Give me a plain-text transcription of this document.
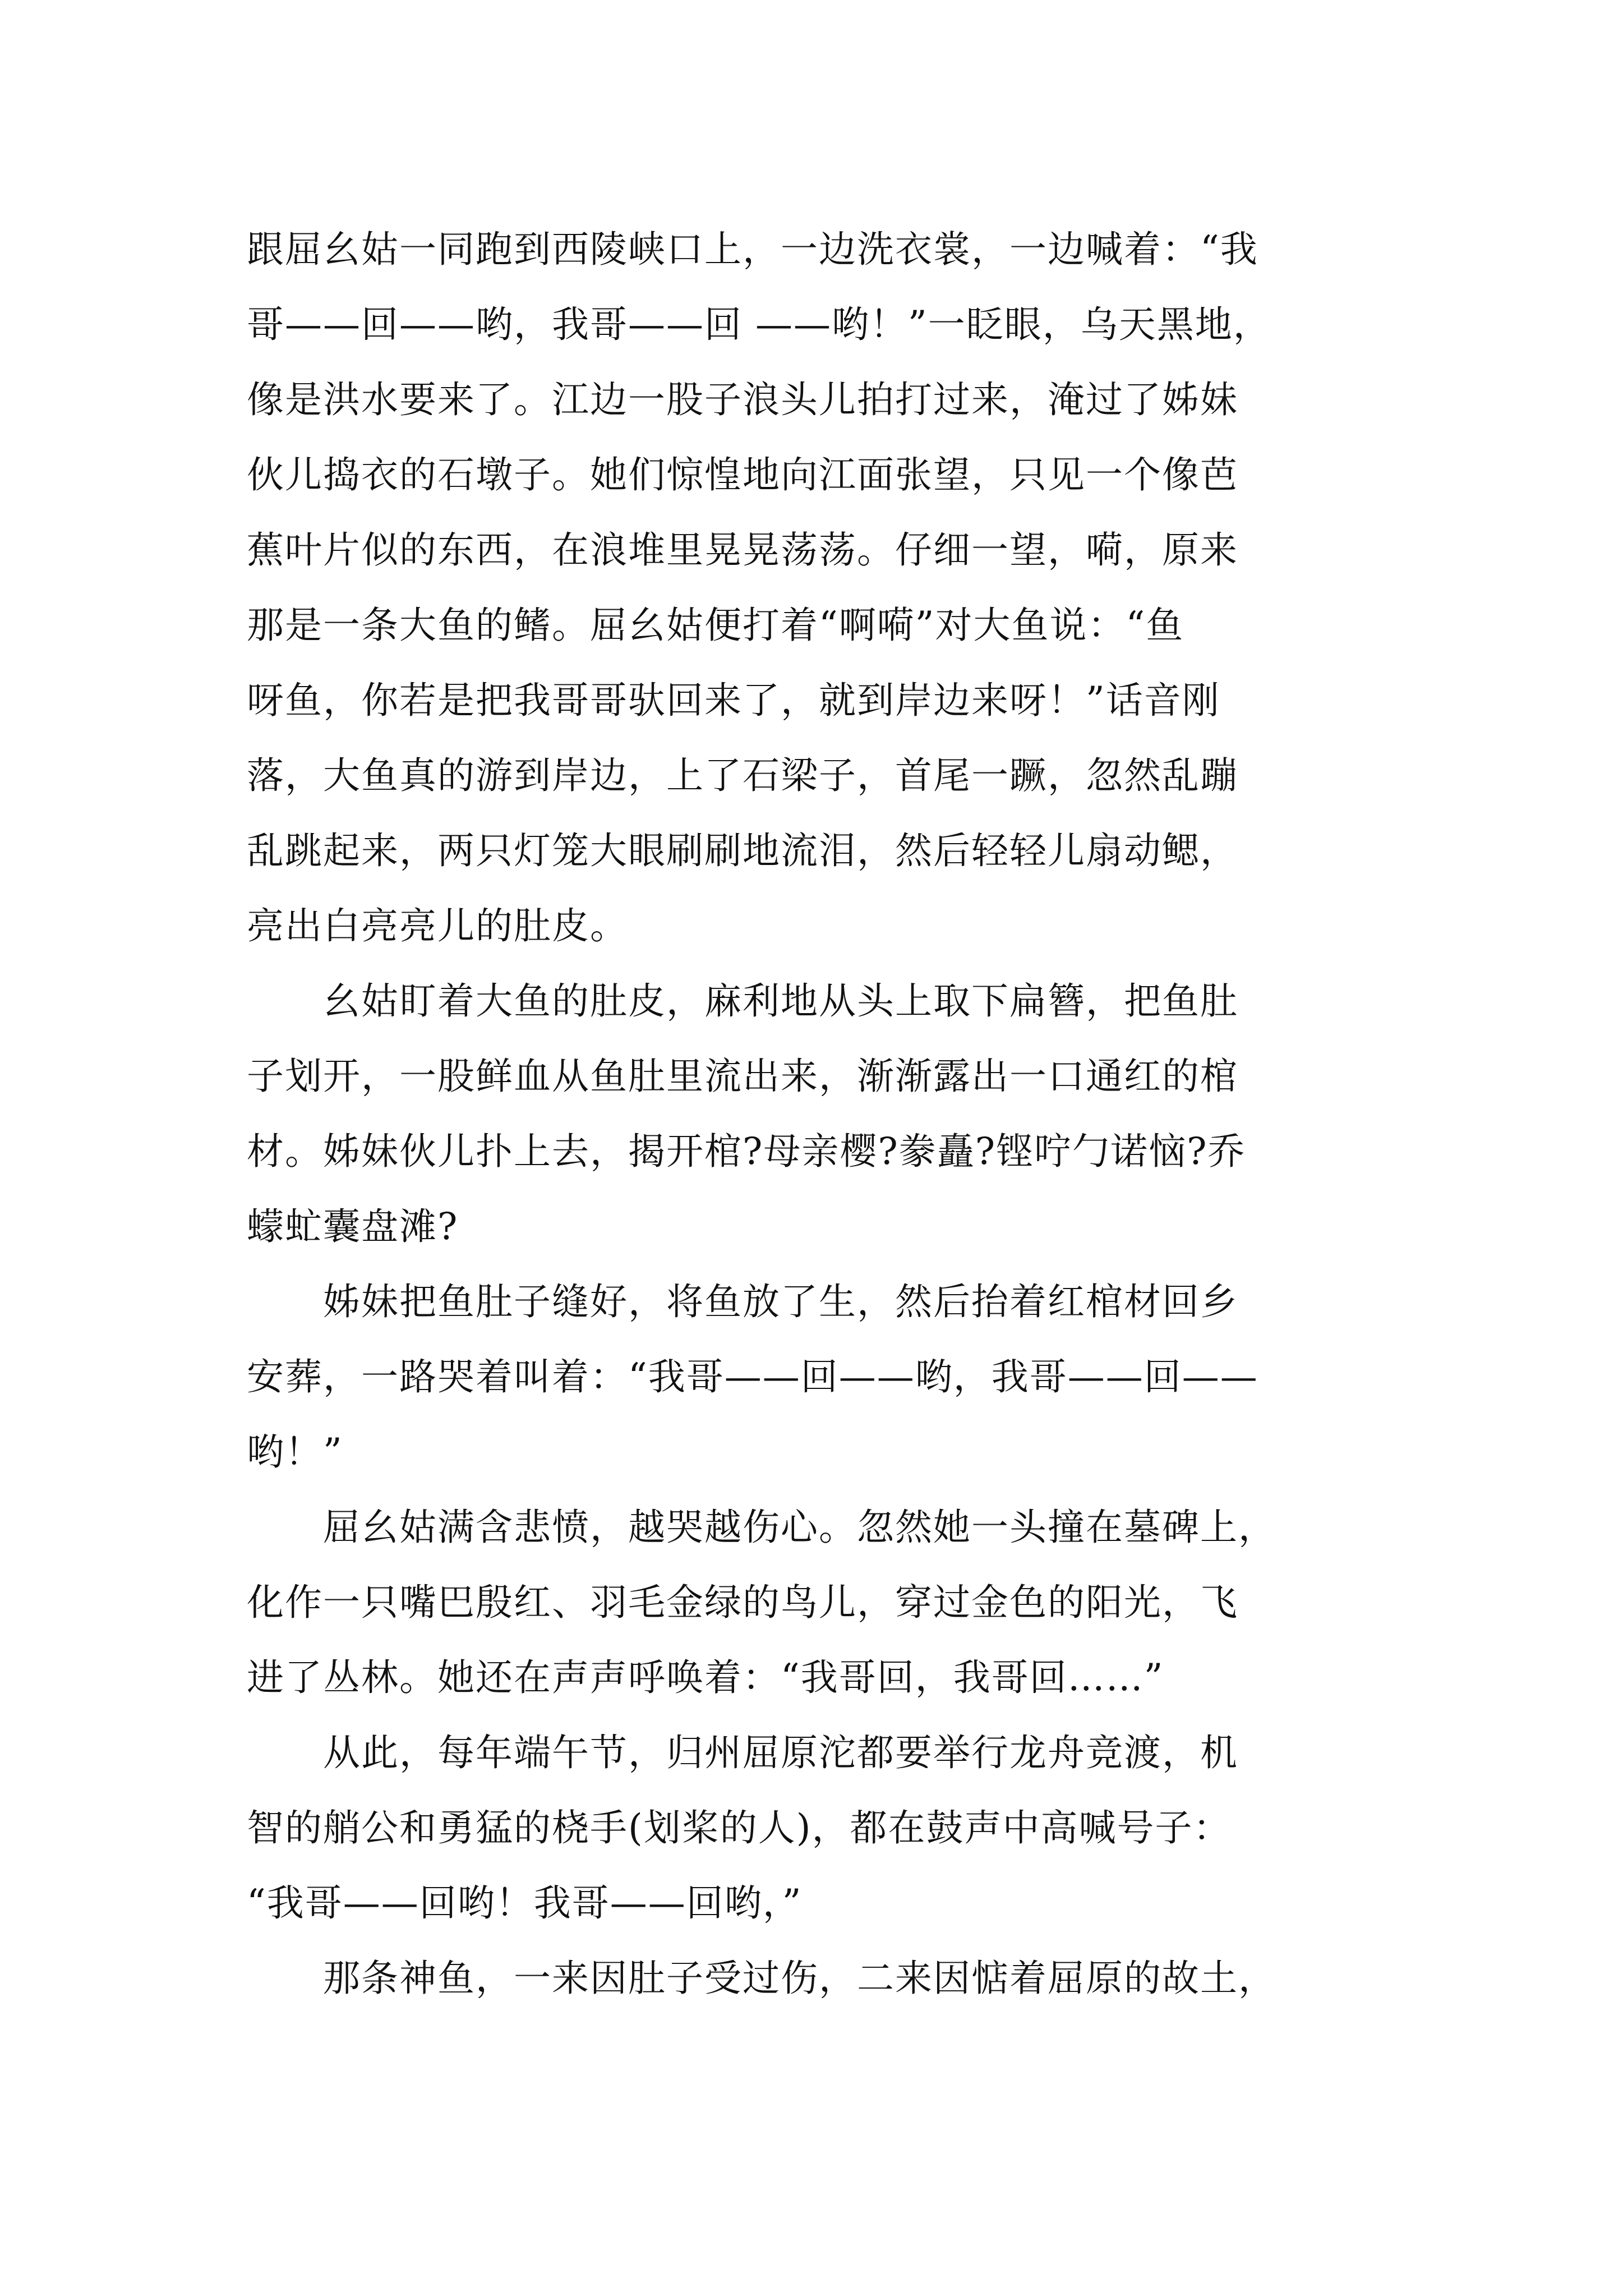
跟屈幺姑一同跑到西陵峡口上，一边洗衣裳，一边喊着：“我
哥——回——哟，我哥——回 ——哟！”一眨眼，乌天黑地，
像是洪水要来了。江边一股子浪头儿拍打过来，淹过了姊妹
伙儿捣衣的石墩子。她们惊惶地向江面张望，只见一个像芭
蕉叶片似的东西，在浪堆里晃晃荡荡。仔细一望，嗬，原来
那是一条大鱼的鳍。屈幺姑便打着“啊嗬”对大鱼说：“鱼
呀鱼，你若是把我哥哥驮回来了，就到岸边来呀！”话音刚
落，大鱼真的游到岸边，上了石梁子，首尾一蹶，忽然乱蹦
乱跳起来，两只灯笼大眼刷刷地流泪，然后轻轻儿扇动鳃，
亮出白亮亮儿的肚皮。
幺姑盯着大鱼的肚皮，麻利地从头上取下扁簪，把鱼肚
子划开，一股鲜血从鱼肚里流出来，渐渐露出一口通红的棺
材。姊妹伙儿扑上去，揭开棺?母亲樱?豢矗?铿咛勹诺恼?乔
蠓虻囊盘滩?
姊妹把鱼肚子缝好，将鱼放了生，然后抬着红棺材回乡
安葬，一路哭着叫着：“我哥——回——哟，我哥——回——
哟！”
屈幺姑满含悲愤，越哭越伤心。忽然她一头撞在墓碑上，
化作一只嘴巴殷红、羽毛金绿的鸟儿，穿过金色的阳光，飞
进了丛林。她还在声声呼唤着：“我哥回，我哥回……”
从此，每年端午节，归州屈原沱都要举行龙舟竞渡，机
智的艄公和勇猛的桡手(划桨的人)，都在鼓声中高喊号子：
“我哥——回哟！我哥——回哟，”
那条神鱼，一来因肚子受过伤，二来因惦着屈原的故土，
